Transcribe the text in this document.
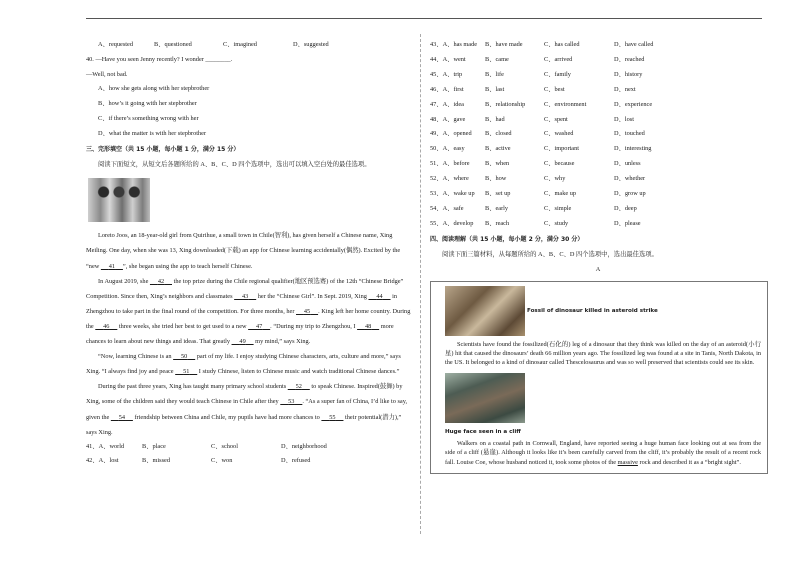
A、requested	B、questioned	C、imagined	D、suggested
40. —Have you seen Jenny recently? I wonder ________.
—Well, not bad.
A、how she gets along with her stepbrother
B、how’s it going with her stepbrother
C、if there’s something wrong with her
D、what the matter is with her stepbrother
三、完形填空（共 15 小题，每小题 1 分，满分 15 分）
阅读下面短文，从短文后各题所给的 A、B、C、D 四个选项中，选出可以填入空白处的最佳选项。
Loreto Joos, an 18-year-old girl from Quirihue, a small town in Chile(智利), has given herself a Chinese name, Xing Meiling. One day, when she was 13, Xing downloaded(下载) an app for Chinese learning accidentally(偶然). Excited by the “new      41 ”, she began using the app to teach herself Chinese.
In August 2019, she      42      the top prize during the Chile regional qualifier(地区预选赛) of the 12th “Chinese Bridge” Competition. Since then, Xing’s neighbors and classmates      43      her the “Chinese Girl”. In Sept. 2019, Xing      44      in Zhengzhou to take part in the final round of the competition. For three months, her      45 . King left her home country. During the      46      three weeks, she tried her best to get used to a new      47 . “During my trip to Zhengzhou, I      48      more chances to learn about new things and ideas. That greatly      49      my mind,” says Xing.
“Now, learning Chinese is an      50      part of my life. I enjoy studying Chinese characters, arts, culture and more,” says Xing. “I always find joy and peace      51      I study Chinese, listen to Chinese music and watch traditional Chinese dances.”
During the past three years, Xing has taught many primary school students      52      to speak Chinese. Inspired(鼓舞) by Xing, some of the children said they would teach Chinese in Chile after they      53 . “As a super fan of China, I’d like to say, given the      54      friendship between China and Chile, my pupils have had more chances to      55      their potential(潜力),” says Xing.
41、A、world	B、place	C、school	D、neighborhood
42、A、lost	B、missed	C、won	D、refused
43、A、has made	B、have made	C、has called	D、have called
44、A、went	B、came	C、arrived	D、reached
45、A、trip	B、life	C、family	D、history
46、A、first	B、last	C、best	D、next
47、A、idea	B、relationship	C、environment	D、experience
48、A、gave	B、had	C、spent	D、lost
49、A、opened	B、closed	C、washed	D、touched
50、A、easy	B、active	C、important	D、interesting
51、A、before	B、when	C、because	D、unless
52、A、where	B、how	C、why	D、whether
53、A、wake up	B、set up	C、make up	D、grow up
54、A、safe	B、early	C、simple	D、deep
55、A、develop	B、reach	C、study	D、please
四、阅读理解（共 15 小题，每小题 2 分，满分 30 分）
阅读下面三篇材料，从每题所给的 A、B、C、D 四个选项中，选出最佳选项。
A
Fossil of dinosaur killed in asteroid strike
Scientists have found the fossilized(石化的) leg of a dinosaur that they think was killed on the day of an asteroid(小行星) hit that caused the dinosaurs’ death 66 million years ago. The fossilized leg was found at a site in Tanis, North Dakota, in the US. It belonged to a kind of dinosaur called Thescelosaurus and was so well preserved that scientists could see its skin.
Huge face seen in a cliff
Walkers on a coastal path in Cornwall, England, have reported seeing a huge human face looking out at sea from the side of a cliff (悬崖). Although it looks like it’s been carefully carved from the cliff, it’s probably the result of a recent rock fall. Louise Coe, whose husband noticed it, took some photos of the massive rock and described it as a “bright sight”.
